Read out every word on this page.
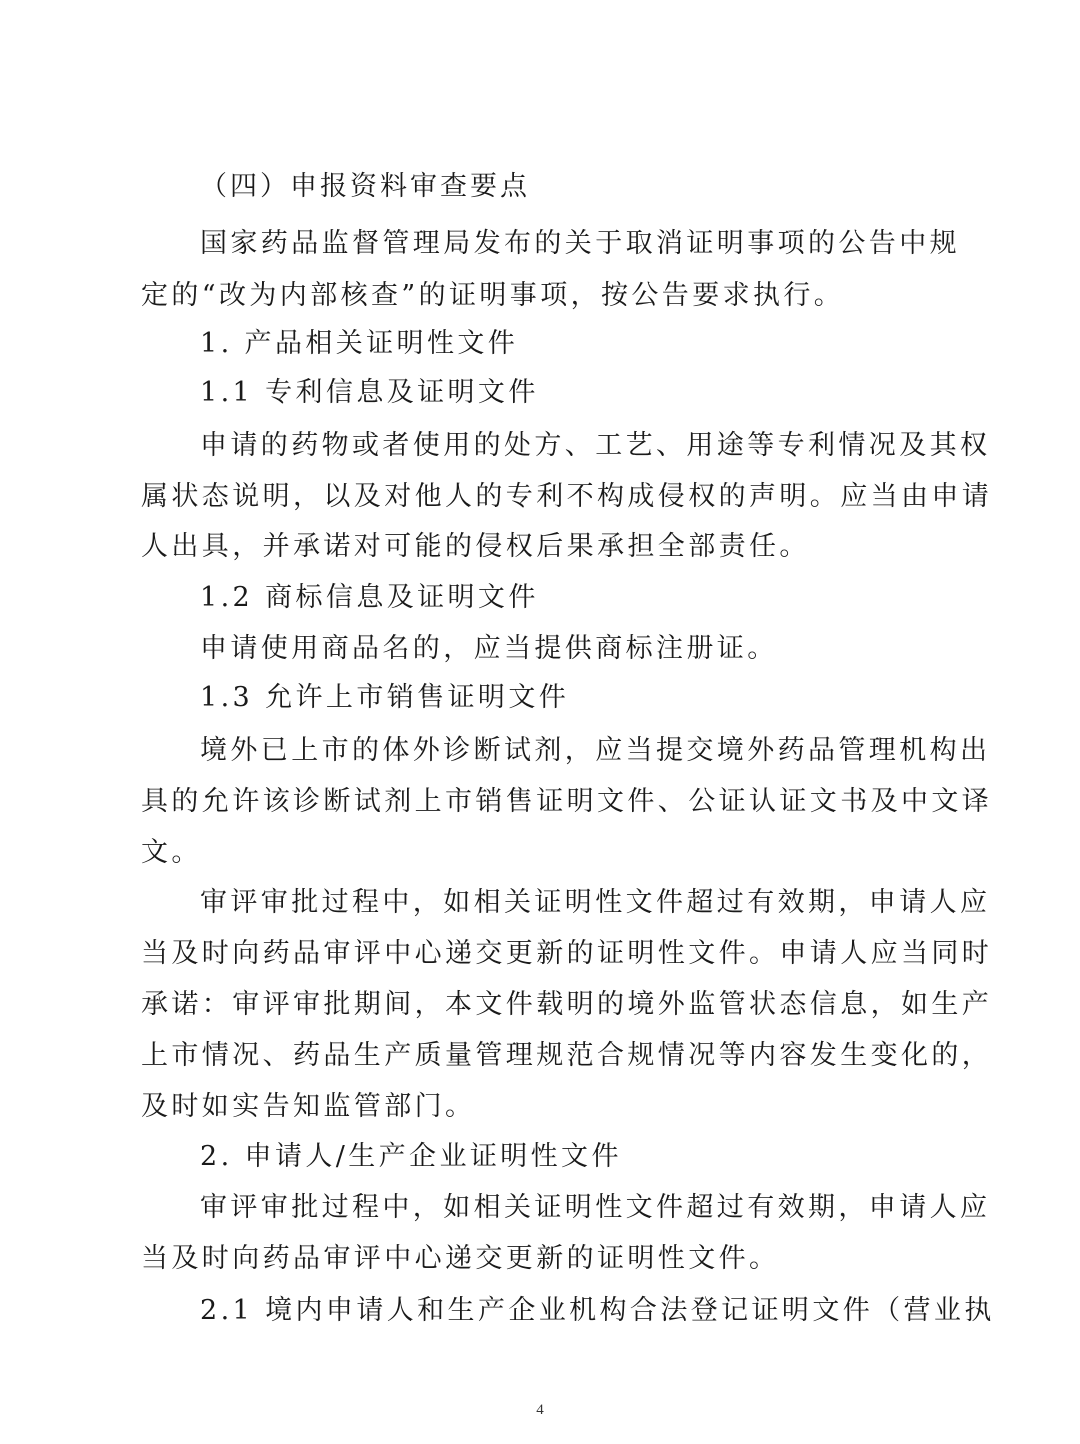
（四）申报资料审查要点
国家药品监督管理局发布的关于取消证明事项的公告中规
定的“改为内部核查”的证明事项，按公告要求执行。
1. 产品相关证明性文件
1.1 专利信息及证明文件
申请的药物或者使用的处方、工艺、用途等专利情况及其权
属状态说明，以及对他人的专利不构成侵权的声明。应当由申请
人出具，并承诺对可能的侵权后果承担全部责任。
1.2 商标信息及证明文件
申请使用商品名的，应当提供商标注册证。
1.3 允许上市销售证明文件
境外已上市的体外诊断试剂，应当提交境外药品管理机构出
具的允许该诊断试剂上市销售证明文件、公证认证文书及中文译
文。
审评审批过程中，如相关证明性文件超过有效期，申请人应
当及时向药品审评中心递交更新的证明性文件。申请人应当同时
承诺：审评审批期间，本文件载明的境外监管状态信息，如生产
上市情况、药品生产质量管理规范合规情况等内容发生变化的，
及时如实告知监管部门。
2. 申请人/生产企业证明性文件
审评审批过程中，如相关证明性文件超过有效期，申请人应
当及时向药品审评中心递交更新的证明性文件。
2.1 境内申请人和生产企业机构合法登记证明文件（营业执
4
